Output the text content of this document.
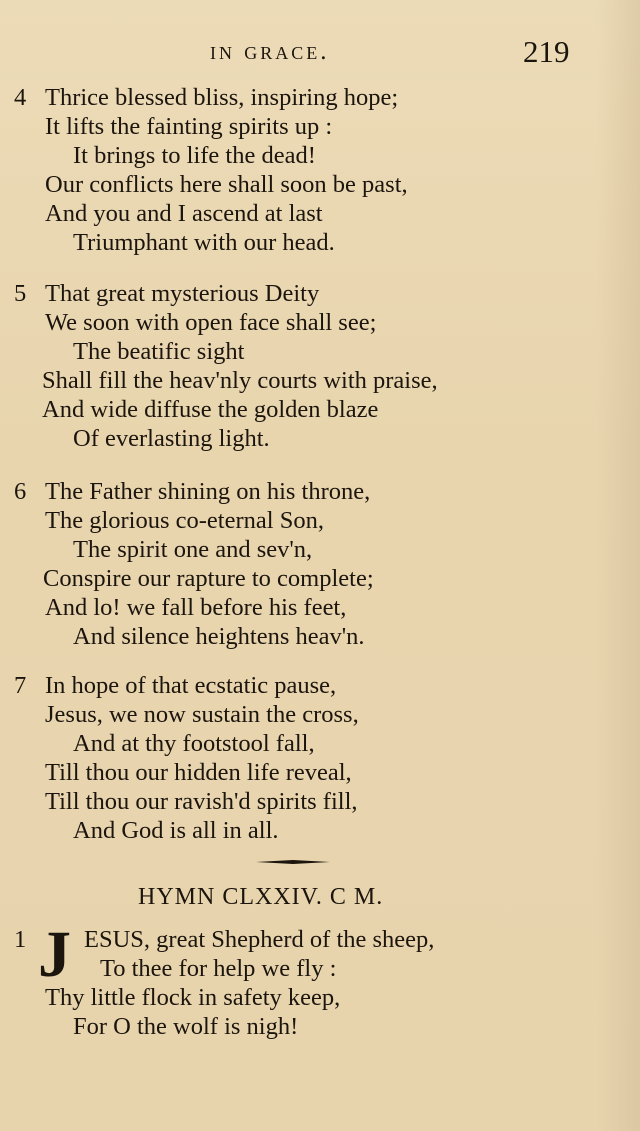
in grace.	219
4 Thrice blessed bliss, inspiring hope;
It lifts the fainting spirits up :
It brings to life the dead!
Our conflicts here shall soon be past,
And you and I ascend at last
Triumphant with our head.
5 That great mysterious Deity
We soon with open face shall see;
The beatific sight
Shall fill the heav'nly courts with praise,
And wide diffuse the golden blaze
Of everlasting light.
6 The Father shining on his throne,
The glorious co-eternal Son,
The spirit one and sev'n,
Conspire our rapture to complete;
And lo! we fall before his feet,
And silence heightens heav'n.
7 In hope of that ecstatic pause,
Jesus, we now sustain the cross,
And at thy footstool fall,
Till thou our hidden life reveal,
Till thou our ravish'd spirits fill,
And God is all in all.
HYMN CLXXIV. C M.
1 J ESUS, great Shepherd of the sheep,
To thee for help we fly :
Thy little flock in safety keep,
For O the wolf is nigh!
